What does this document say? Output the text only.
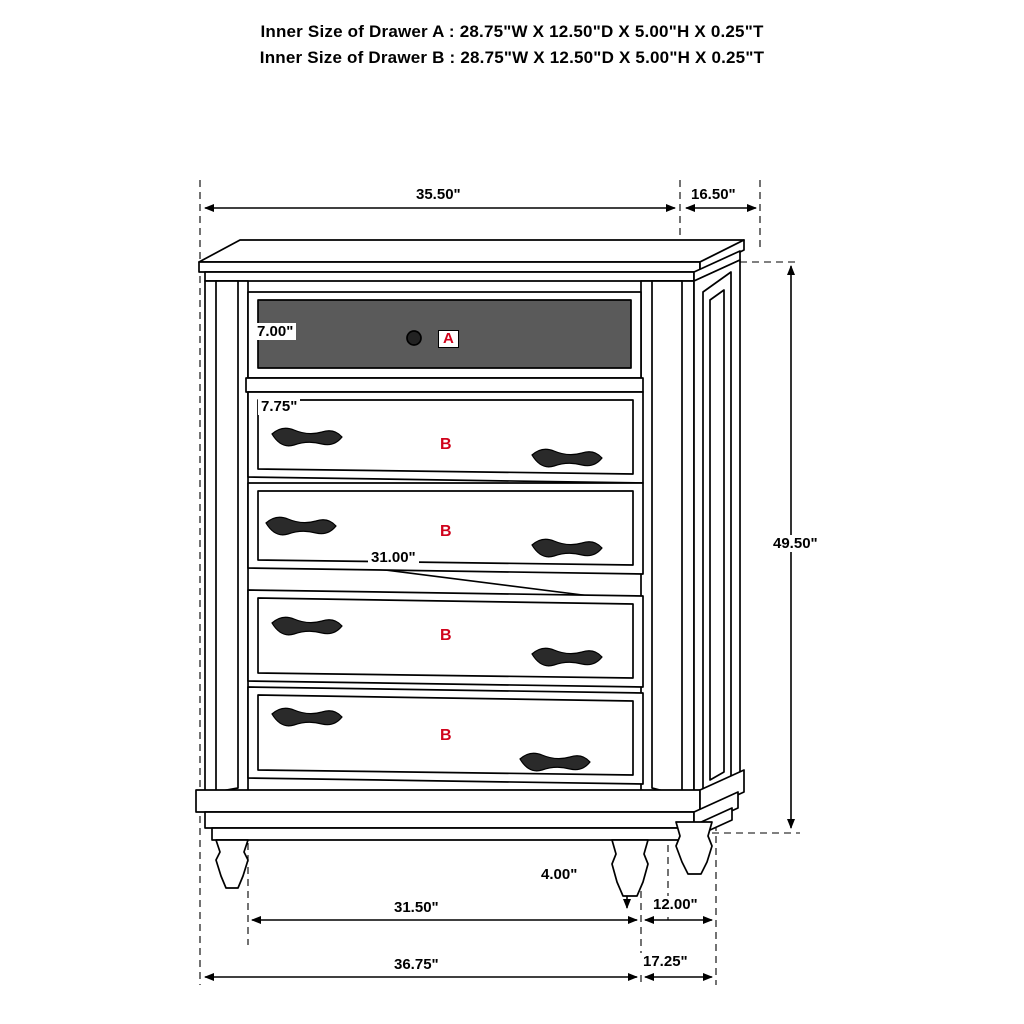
Inner Size of Drawer A : 28.75"W X 12.50"D X 5.00"H X 0.25"T
Inner Size of Drawer B : 28.75"W X 12.50"D X 5.00"H X 0.25"T
35.50"	16.50"
7.00"
7.75"
31.00"
49.50"
4.00"
31.50"	12.00"
36.75"	17.25"
A
B
B
B
B
